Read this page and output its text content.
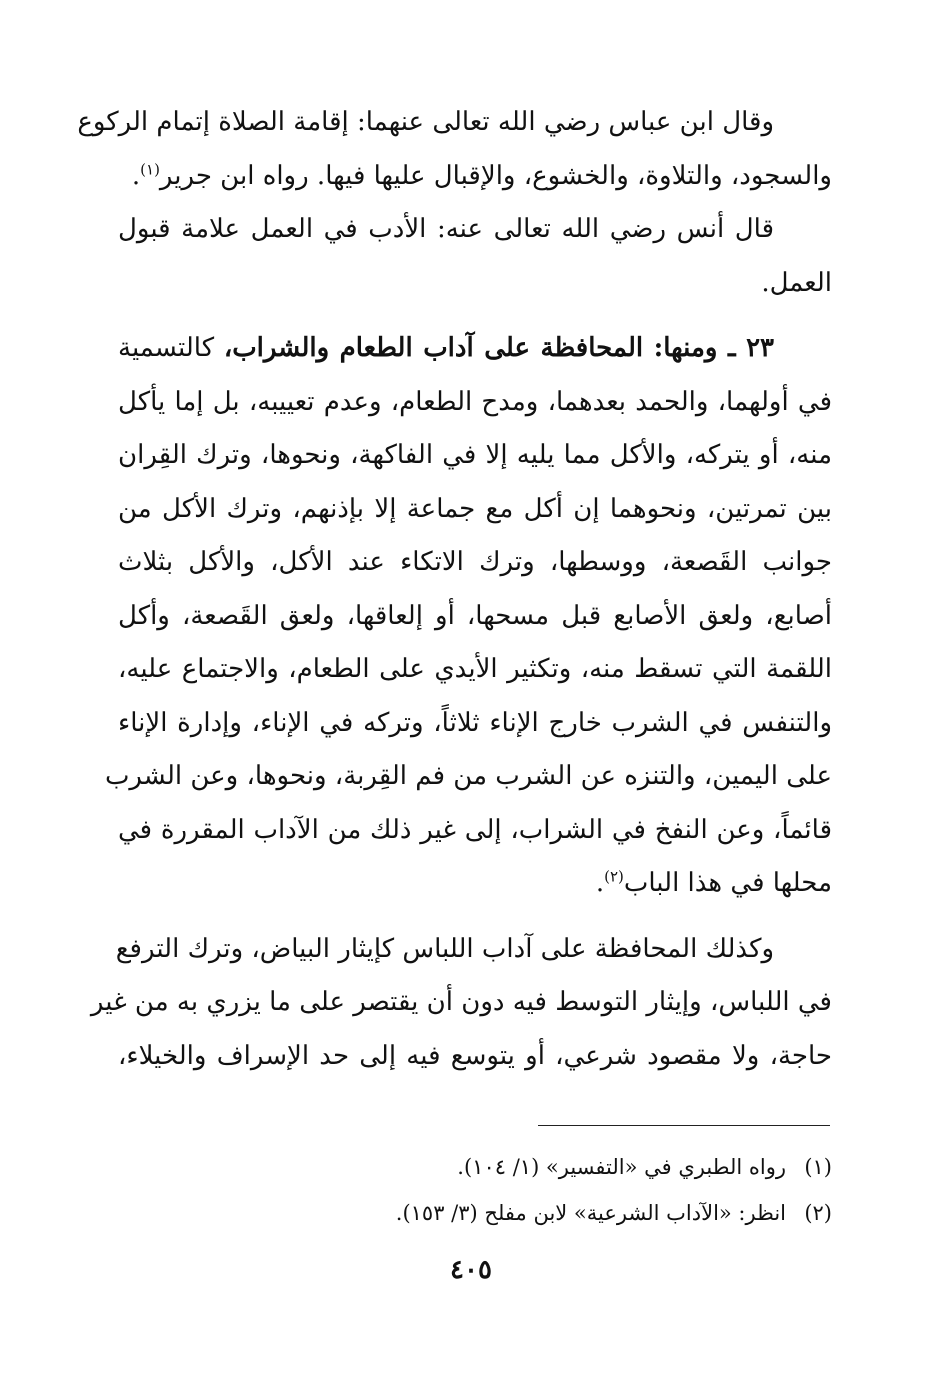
وقال ابن عباس رضي الله تعالى عنهما: إقامة الصلاة إتمام الركوع
والسجود، والتلاوة، والخشوع، والإقبال عليها فيها. رواه ابن جرير$^{(١)}$.
قال أنس رضي الله تعالى عنه: الأدب في العمل علامة قبول
العمل.
٢٣ ـ ومنها: المحافظة على آداب الطعام والشراب، كالتسمية
في أولهما، والحمد بعدهما، ومدح الطعام، وعدم تعييبه، بل إما يأكل
منه، أو يتركه، والأكل مما يليه إلا في الفاكهة، ونحوها، وترك القِران
بين تمرتين، ونحوهما إن أكل مع جماعة إلا بإذنهم، وترك الأكل من
جوانب القَصعة، ووسطها، وترك الاتكاء عند الأكل، والأكل بثلاث
أصابع، ولعق الأصابع قبل مسحها، أو إلعاقها، ولعق القَصعة، وأكل
اللقمة التي تسقط منه، وتكثير الأيدي على الطعام، والاجتماع عليه،
والتنفس في الشرب خارج الإناء ثلاثاً، وتركه في الإناء، وإدارة الإناء
على اليمين، والتنزه عن الشرب من فم القِربة، ونحوها، وعن الشرب
قائماً، وعن النفخ في الشراب، إلى غير ذلك من الآداب المقررة في
محلها في هذا الباب$^{(٢)}$.
وكذلك المحافظة على آداب اللباس كإيثار البياض، وترك الترفع
في اللباس، وإيثار التوسط فيه دون أن يقتصر على ما يزري به من غير
حاجة، ولا مقصود شرعي، أو يتوسع فيه إلى حد الإسراف والخيلاء،
(١)رواه الطبري في «التفسير» (١/ ١٠٤).
(٢)انظر: «الآداب الشرعية» لابن مفلح (٣/ ١٥٣).
٤٠٥
